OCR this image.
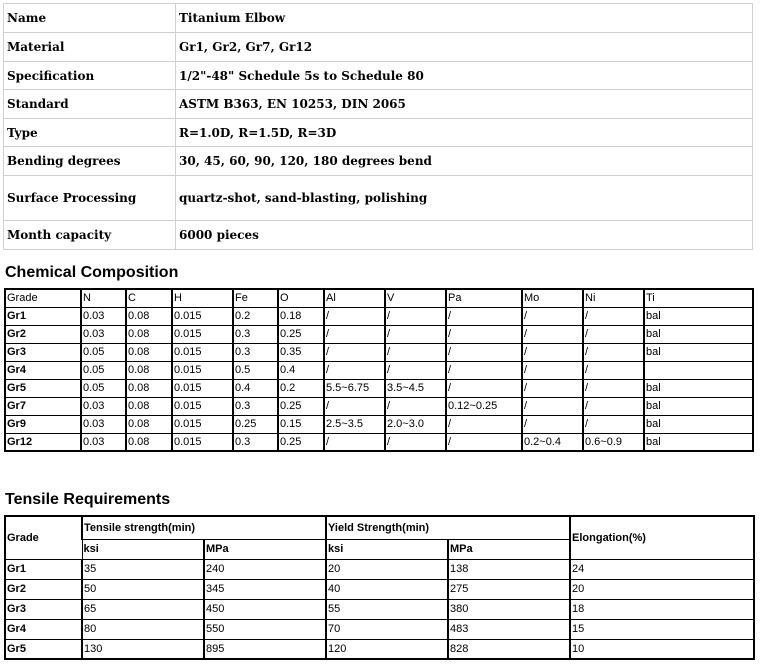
Name	Titanium Elbow
Material	Gr1, Gr2, Gr7, Gr12
Specification	1/2"-48" Schedule 5s to Schedule 80
Standard	ASTM B363, EN 10253, DIN 2065
Type	R=1.0D, R=1.5D, R=3D
Bending degrees	30, 45, 60, 90, 120, 180 degrees bend
Surface Processing	quartz-shot, sand-blasting, polishing
Month capacity	6000 pieces
Chemical Composition
Grade	N	C	H	Fe	O	Al	V	Pa	Mo	Ni	Ti
Gr1	0.03	0.08	0.015	0.2	0.18	/	/	/	/	/	bal
Gr2	0.03	0.08	0.015	0.3	0.25	/	/	/	/	/	bal
Gr3	0.05	0.08	0.015	0.3	0.35	/	/	/	/	/	bal
Gr4	0.05	0.08	0.015	0.5	0.4	/	/	/	/	/	
Gr5	0.05	0.08	0.015	0.4	0.2	5.5~6.75	3.5~4.5	/	/	/	bal
Gr7	0.03	0.08	0.015	0.3	0.25	/	/	0.12~0.25	/	/	bal
Gr9	0.03	0.08	0.015	0.25	0.15	2.5~3.5	2.0~3.0	/	/	/	bal
Gr12	0.03	0.08	0.015	0.3	0.25	/	/	/	0.2~0.4	0.6~0.9	bal
Tensile Requirements
Grade	Tensile strength(min)		Yield Strength(min)		Elongation(%)
	ksi	MPa	ksi	MPa	
Gr1	35	240	20	138	24
Gr2	50	345	40	275	20
Gr3	65	450	55	380	18
Gr4	80	550	70	483	15
Gr5	130	895	120	828	10
